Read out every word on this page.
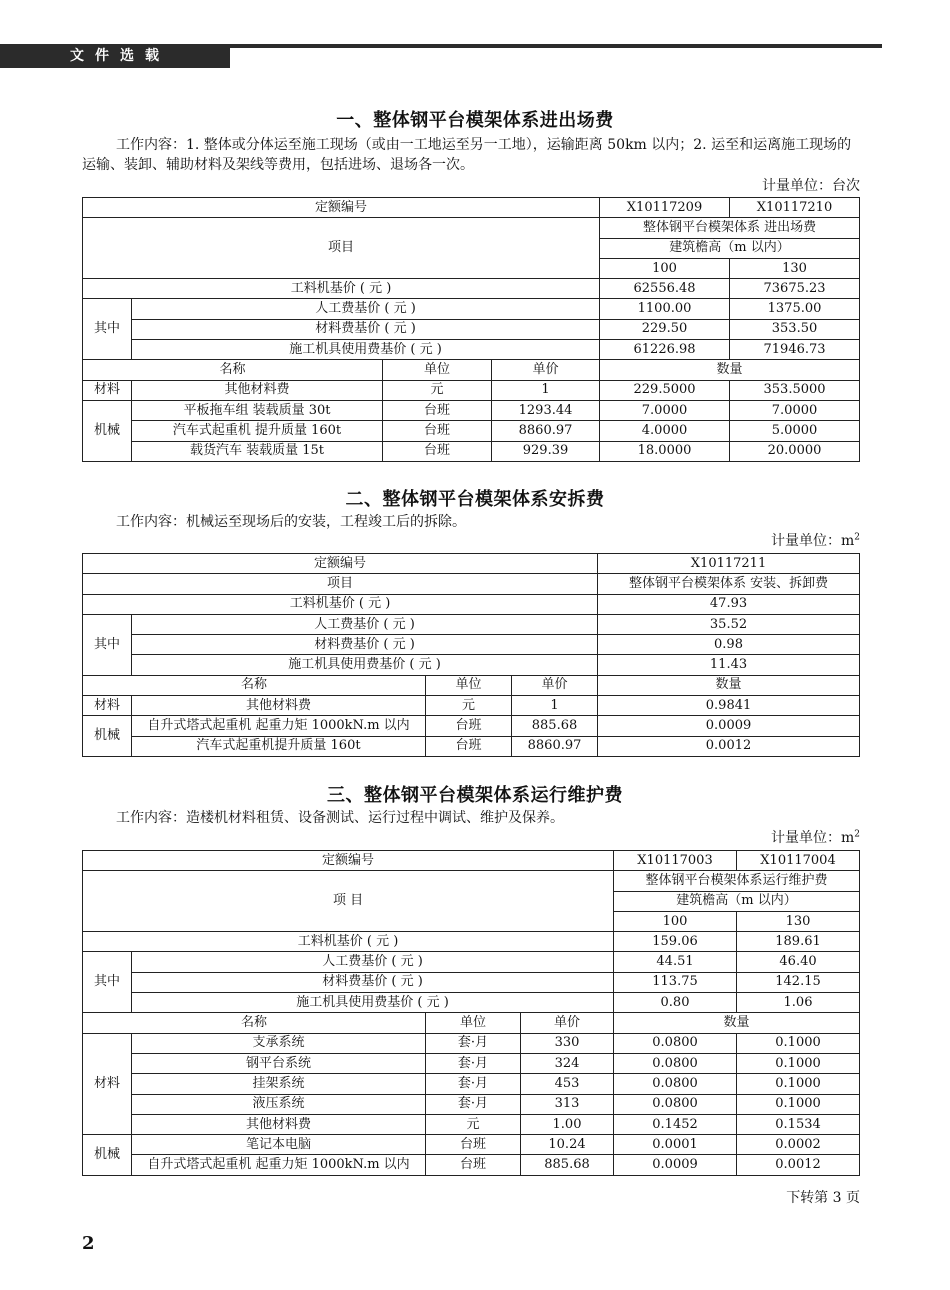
文件选载
一、整体钢平台模架体系进出场费
工作内容：1. 整体或分体运至施工现场（或由一工地运至另一工地），运输距离 50km 以内；2. 运至和运离施工现场的运输、装卸、辅助材料及架线等费用，包括进场、退场各一次。
计量单位：台次
定额编号				X10117209	X10117210
项目				整体钢平台模架体系 进出场费	
				建筑檐高（m 以内）	
				100	130
工料机基价 ( 元 )				62556.48	73675.23
其中	人工费基价 ( 元 )			1100.00	1375.00
	材料费基价 ( 元 )			229.50	353.50
	施工机具使用费基价 ( 元 )			61226.98	71946.73
名称		单位	单价	数量	
材料	其他材料费	元	1	229.5000	353.5000
机械	平板拖车组 装载质量 30t	台班	1293.44	7.0000	7.0000
	汽车式起重机 提升质量 160t	台班	8860.97	4.0000	5.0000
	载货汽车 装载质量 15t	台班	929.39	18.0000	20.0000
二、整体钢平台模架体系安拆费
工作内容：机械运至现场后的安装，工程竣工后的拆除。
计量单位：$m^2$
定额编号				X10117211
项目				整体钢平台模架体系 安装、拆卸费
工料机基价 ( 元 )				47.93
其中	人工费基价 ( 元 )			35.52
	材料费基价 ( 元 )			0.98
	施工机具使用费基价 ( 元 )			11.43
名称		单位	单价	数量
材料	其他材料费	元	1	0.9841
机械	自升式塔式起重机 起重力矩 1000kN.m 以内	台班	885.68	0.0009
	汽车式起重机提升质量 160t	台班	8860.97	0.0012
三、整体钢平台模架体系运行维护费
工作内容：造楼机材料租赁、设备测试、运行过程中调试、维护及保养。
计量单位：$m^2$
定额编号				X10117003	X10117004
项 目				整体钢平台模架体系运行维护费	
				建筑檐高（m 以内）	
				100	130
工料机基价 ( 元 )				159.06	189.61
其中	人工费基价 ( 元 )			44.51	46.40
	材料费基价 ( 元 )			113.75	142.15
	施工机具使用费基价 ( 元 )			0.80	1.06
名称		单位	单价	数量	
材料	支承系统	套·月	330	0.0800	0.1000
	钢平台系统	套·月	324	0.0800	0.1000
	挂架系统	套·月	453	0.0800	0.1000
	液压系统	套·月	313	0.0800	0.1000
	其他材料费	元	1.00	0.1452	0.1534
机械	笔记本电脑	台班	10.24	0.0001	0.0002
	自升式塔式起重机 起重力矩 1000kN.m 以内	台班	885.68	0.0009	0.0012
下转第 3 页
2
